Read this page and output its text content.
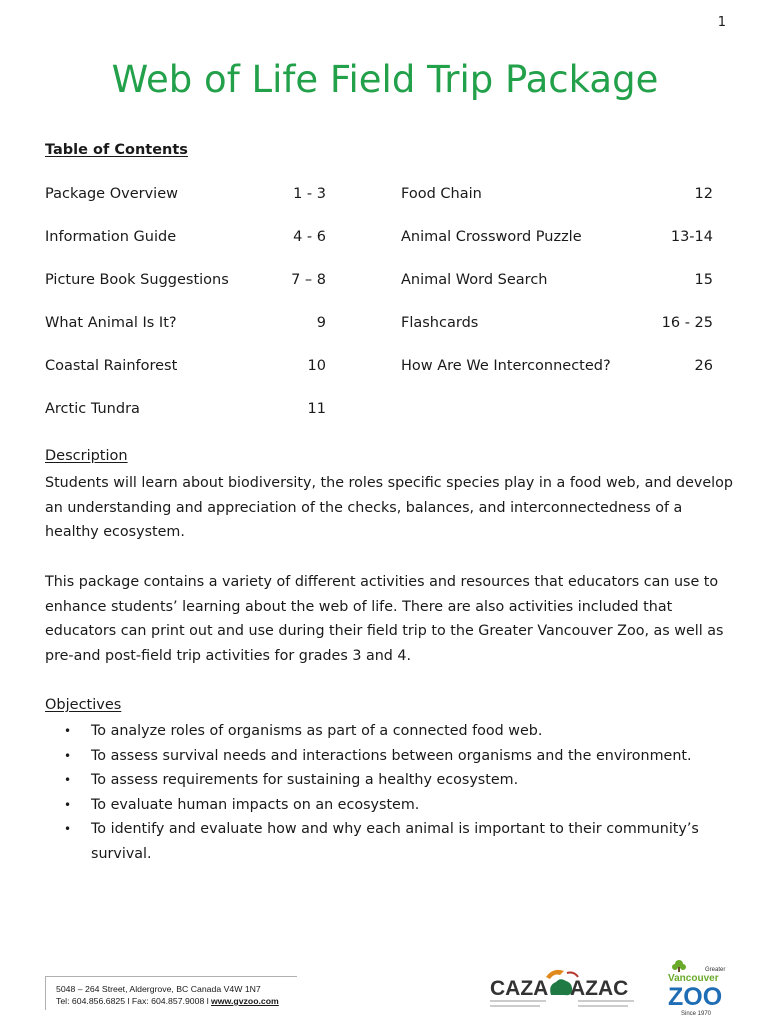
1
Web of Life Field Trip Package
Table of Contents
Package Overview	1 - 3
Information Guide	4 - 6
Picture Book Suggestions	7 – 8
What Animal Is It?	9
Coastal Rainforest	10
Arctic Tundra	11
Food Chain	12
Animal Crossword Puzzle	13-14
Animal Word Search	15
Flashcards	16 - 25
How Are We Interconnected?	26
Description

Students will learn about biodiversity, the roles specific species play in a food web, and develop an understanding and appreciation of the checks, balances, and interconnectedness of a healthy ecosystem.

This package contains a variety of different activities and resources that educators can use to enhance students’ learning about the web of life. There are also activities included that educators can print out and use during their field trip to the Greater Vancouver Zoo, as well as pre-and post-field trip activities for grades 3 and 4.

Objectives
• To analyze roles of organisms as part of a connected food web.
• To assess survival needs and interactions between organisms and the environment.
• To assess requirements for sustaining a healthy ecosystem.
• To evaluate human impacts on an ecosystem.
• To identify and evaluate how and why each animal is important to their community’s survival.
5048 – 264 Street, Aldergrove, BC Canada V4W 1N7
Tel: 604.856.6825 l Fax: 604.857.9008 l www.gvzoo.com
CAZA AZAC
Greater
Vancouver
ZOO
Since 1970
